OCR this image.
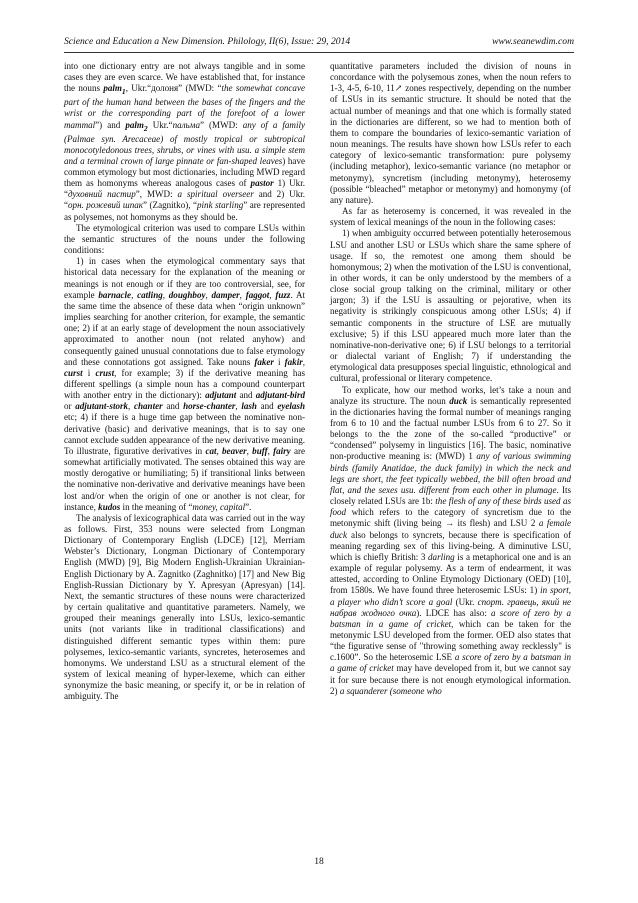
Science and Education a New Dimension. Philology, II(6), Issue: 29, 2014	www.seanewdim.com

into one dictionary entry are not always tangible and in some cases they are even scarce. We have established that, for instance the nouns palm$_1$, Ukr.“долоня” (MWD: “the somewhat concave part of the human hand between the bases of the fingers and the wrist or the corresponding part of the forefoot of a lower mammal”) and palm$_2$ Ukr.“пальма” (MWD: any of a family (Palmae syn. Arecaceae) of mostly tropical or subtropical monocotyledonous trees, shrubs, or vines with usu. a simple stem and a terminal crown of large pinnate or fan-shaped leaves) have common etymology but most dictionaries, including MWD regard them as homonyms whereas analogous cases of pastor 1) Ukr. “духовний пастир”, MWD: a spiritual overseer and 2) Ukr. “орн. рожевий шпак” (Zagnitko), “pink starling” are represented as polysemes, not homonyms as they should be.

The etymological criterion was used to compare LSUs within the semantic structures of the nouns under the following conditions:

1) in cases when the etymological commentary says that historical data necessary for the explanation of the meaning or meanings is not enough or if they are too controversial, see, for example barnacle, catling, doughboy, damper, faggot, fuzz. At the same time the absence of these data when “origin unknown” implies searching for another criterion, for example, the semantic one; 2) if at an early stage of development the noun associatively approximated to another noun (not related anyhow) and consequently gained unusual connotations due to false etymology and these connotations got assigned. Take nouns faker і fakir, curst і crust, for example; 3) if the derivative meaning has different spellings (a simple noun has a compound counterpart with another entry in the dictionary): adjutant and adjutant-bird or adjutant-stork, chanter and horse-chanter, lash and eyelash etc; 4) if there is a huge time gap between the nominative non-derivative (basic) and derivative meanings, that is to say one cannot exclude sudden appearance of the new derivative meaning. To illustrate, figurative derivatives in cat, beaver, buff, fairy are somewhat artificially motivated. The senses obtained this way are mostly derogative or humiliating; 5) if transitional links between the nominative non-derivative and derivative meanings have been lost and/or when the origin of one or another is not clear, for instance, kudos in the meaning of “money, capital”.

The analysis of lexicographical data was carried out in the way as follows. First, 353 nouns were selected from Longman Dictionary of Contemporary English (LDCE) [12], Merriam Webster’s Dictionary, Longman Dictionary of Contemporary English (MWD) [9], Big Modern English-Ukrainian Ukrainian-English Dictionary by A. Zagnitko (Zaghnitko) [17] and New Big English-Russian Dictionary by Y. Apresyan (Apresyan) [14]. Next, the semantic structures of these nouns were characterized by certain qualitative and quantitative parameters. Namely, we grouped their meanings generally into LSUs, lexico-semantic units (not variants like in traditional classifications) and distinguished different semantic types within them: pure polysemes, lexico-semantic variants, syncretes, heterosemes and homonyms. We understand LSU as a structural element of the system of lexical meaning of hyper-lexeme, which can either synonymize the basic meaning, or specify it, or be in relation of ambiguity. The

quantitative parameters included the division of nouns in concordance with the polysemous zones, when the noun refers to 1-3, 4-5, 6-10, 11↗ zones respectively, depending on the number of LSUs in its semantic structure. It should be noted that the actual number of meanings and that one which is formally stated in the dictionaries are different, so we had to mention both of them to compare the boundaries of lexico-semantic variation of noun meanings. The results have shown how LSUs refer to each category of lexico-semantic transformation: pure polysemy (including metaphor), lexico-semantic variance (no metaphor or metonymy), syncretism (including metonymy), heterosemy (possible “bleached” metaphor or metonymy) and homonymy (of any nature).

As far as heterosemy is concerned, it was revealed in the system of lexical meanings of the noun in the following cases:

1) when ambiguity occurred between potentially heterosemous LSU and another LSU or LSUs which share the same sphere of usage. If so, the remotest one among them should be homonymous; 2) when the motivation of the LSU is conventional, in other words, it can be only understood by the members of a close social group talking on the criminal, military or other jargon; 3) if the LSU is assaulting or pejorative, when its negativity is strikingly conspicuous among other LSUs; 4) if semantic components in the structure of LSE are mutually exclusive; 5) if this LSU appeared much more later than the nominative-non-derivative one; 6) if LSU belongs to a territorial or dialectal variant of English; 7) if understanding the etymological data presupposes special linguistic, ethnological and cultural, professional or literary competence.

To explicate, how our method works, let’s take a noun and analyze its structure. The noun duck is semantically represented in the dictionaries having the formal number of meanings ranging from 6 to 10 and the factual number LSUs from 6 to 27. So it belongs to the the zone of the so-called “productive” or “condensed” polysemy in linguistics [16]. The basic, nominative non-productive meaning is: (MWD) 1 any of various swimming birds (family Anatidae, the duck family) in which the neck and legs are short, the feet typically webbed, the bill often broad and flat, and the sexes usu. different from each other in plumage. Its closely related LSUs are 1b: the flesh of any of these birds used as food which refers to the category of syncretism due to the metonymic shift (living being → its flesh) and LSU 2 a female duck also belongs to syncrets, because there is specification of meaning regarding sex of this living-being. A diminutive LSU, which is chiefly British: 3 darling is a metaphorical one and is an example of regular polysemy. As a term of endearment, it was attested, according to Online Etymology Dictionary (OED) [10], from 1580s. We have found three heterosemic LSUs: 1) in sport, a player who didn’t score a goal (Ukr. спорт. гравець, який не набрав жодного очка). LDCE has also: a score of zero by a batsman in a game of cricket, which can be taken for the metonymic LSU developed from the former. OED also states that “the figurative sense of "throwing something away recklessly" is c.1600”. So the heterosemic LSE a score of zero by a batsman in a game of cricket may have developed from it, but we cannot say it for sure because there is not enough etymological information. 2) a squanderer (someone who

18
